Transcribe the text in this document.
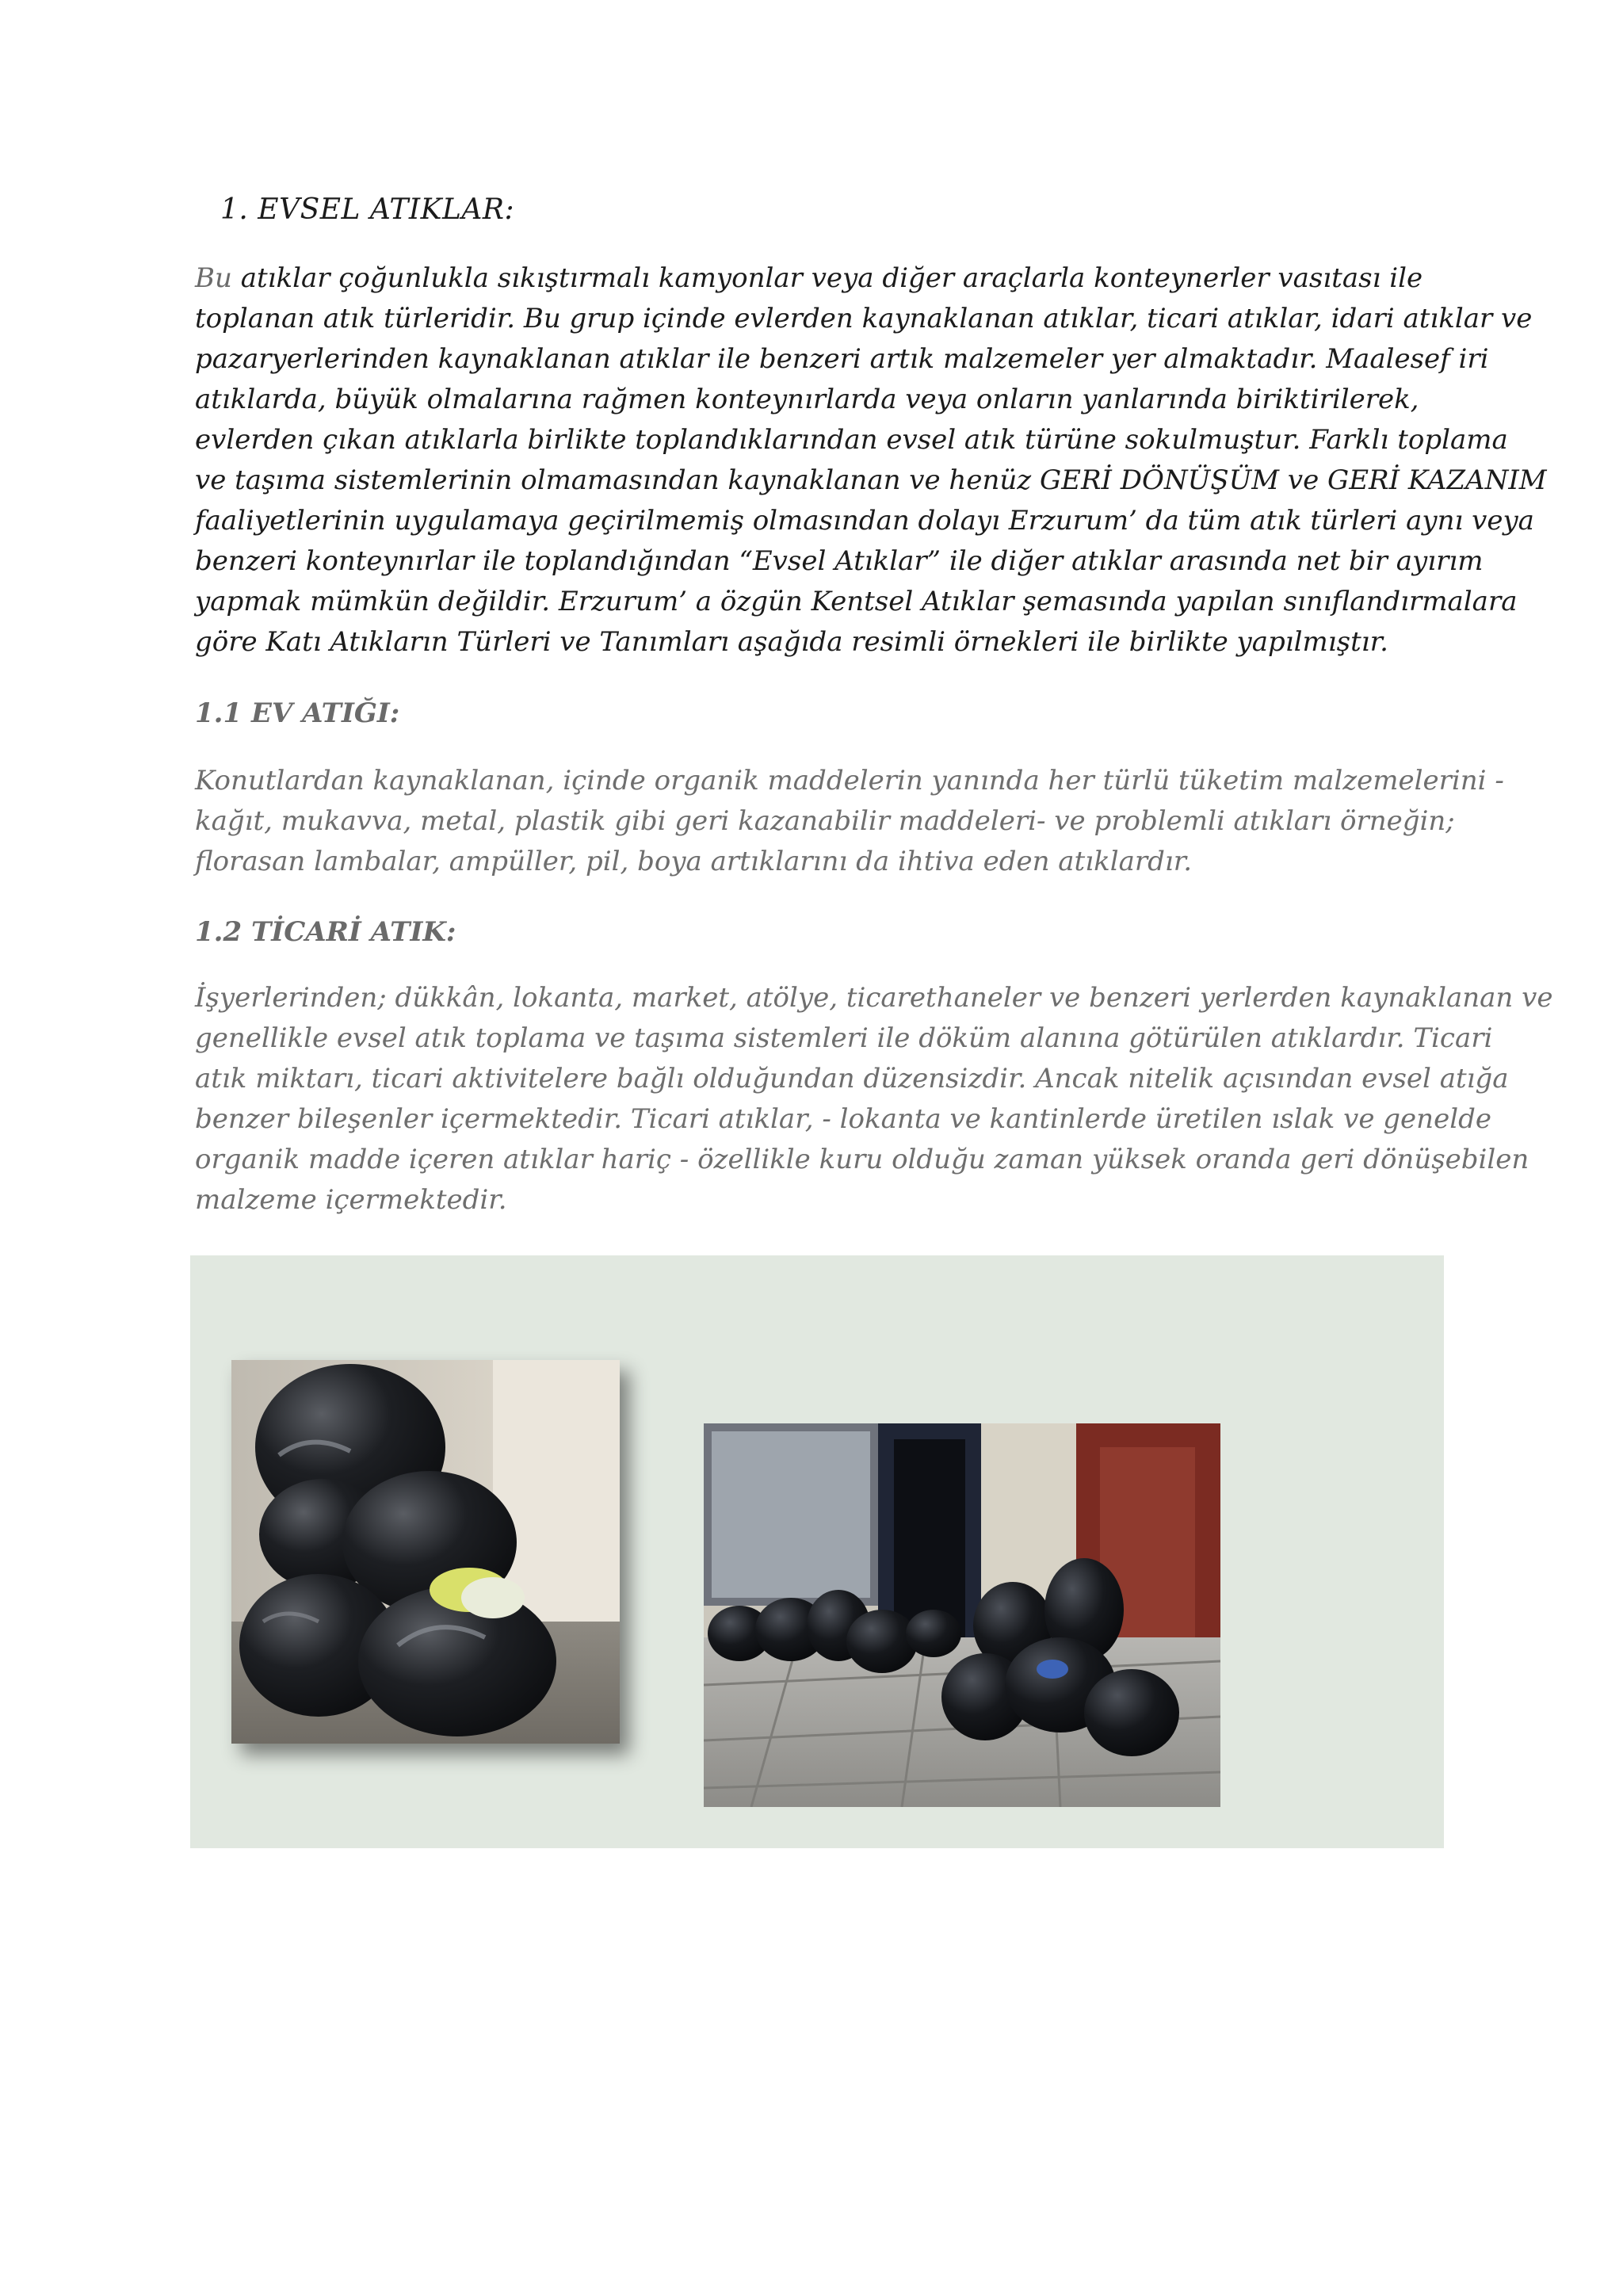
1. EVSEL ATIKLAR:

Bu atıklar çoğunlukla sıkıştırmalı kamyonlar veya diğer araçlarla konteynerler vasıtası ile
toplanan atık türleridir. Bu grup içinde evlerden kaynaklanan atıklar, ticari atıklar, idari atıklar ve
pazaryerlerinden kaynaklanan atıklar ile benzeri artık malzemeler yer almaktadır. Maalesef iri
atıklarda, büyük olmalarına rağmen konteynırlarda veya onların yanlarında biriktirilerek,
evlerden çıkan atıklarla birlikte toplandıklarından evsel atık türüne sokulmuştur. Farklı toplama
ve taşıma sistemlerinin olmamasından kaynaklanan ve henüz GERİ DÖNÜŞÜM ve GERİ KAZANIM
faaliyetlerinin uygulamaya geçirilmemiş olmasından dolayı Erzurum’ da tüm atık türleri aynı veya
benzeri konteynırlar ile toplandığından “Evsel Atıklar” ile diğer atıklar arasında net bir ayırım
yapmak mümkün değildir. Erzurum’ a özgün Kentsel Atıklar şemasında yapılan sınıflandırmalara
göre Katı Atıkların Türleri ve Tanımları aşağıda resimli örnekleri ile birlikte yapılmıştır.

1.1 EV ATIĞI:

Konutlardan kaynaklanan, içinde organik maddelerin yanında her türlü tüketim malzemelerini -
kağıt, mukavva, metal, plastik gibi geri kazanabilir maddeleri- ve problemli atıkları örneğin;
florasan lambalar, ampüller, pil, boya artıklarını da ihtiva eden atıklardır.

1.2 TİCARİ ATIK:

İşyerlerinden; dükkân, lokanta, market, atölye, ticarethaneler ve benzeri yerlerden kaynaklanan ve
genellikle evsel atık toplama ve taşıma sistemleri ile döküm alanına götürülen atıklardır. Ticari
atık miktarı, ticari aktivitelere bağlı olduğundan düzensizdir. Ancak nitelik açısından evsel atığa
benzer bileşenler içermektedir. Ticari atıklar, - lokanta ve kantinlerde üretilen ıslak ve genelde
organik madde içeren atıklar hariç - özellikle kuru olduğu zaman yüksek oranda geri dönüşebilen
malzeme içermektedir.
